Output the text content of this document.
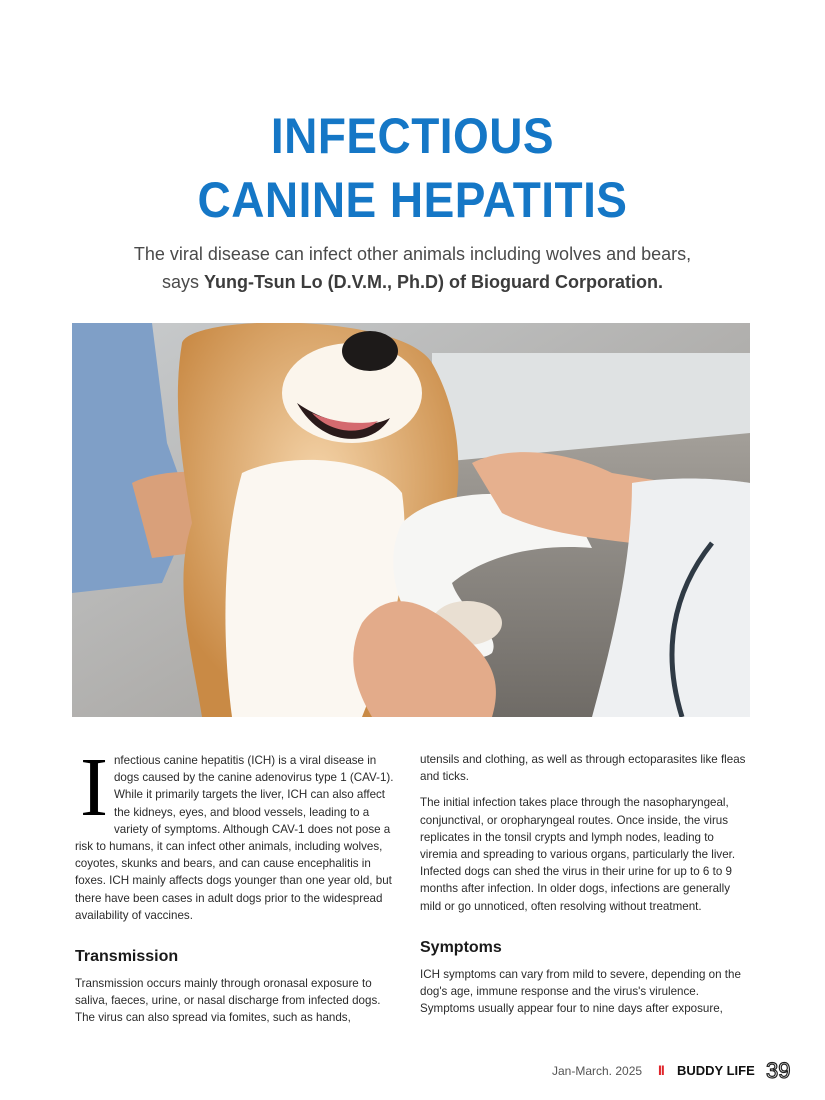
INFECTIOUS
CANINE HEPATITIS
The viral disease can infect other animals including wolves and bears,
says Yung-Tsun Lo (D.V.M., Ph.D) of Bioguard Corporation.

Infectious canine hepatitis (ICH) is a viral disease in dogs caused by the canine adenovirus type 1 (CAV-1). While it primarily targets the liver, ICH can also affect the kidneys, eyes, and blood vessels, leading to a variety of symptoms. Although CAV-1 does not pose a risk to humans, it can infect other animals, including wolves, coyotes, skunks and bears, and can cause encephalitis in foxes. ICH mainly affects dogs younger than one year old, but there have been cases in adult dogs prior to the widespread availability of vaccines.

Transmission

Transmission occurs mainly through oronasal exposure to saliva, faeces, urine, or nasal discharge from infected dogs. The virus can also spread via fomites, such as hands,

utensils and clothing, as well as through ectoparasites like fleas and ticks.

The initial infection takes place through the nasopharyngeal, conjunctival, or oropharyngeal routes. Once inside, the virus replicates in the tonsil crypts and lymph nodes, leading to viremia and spreading to various organs, particularly the liver. Infected dogs can shed the virus in their urine for up to 6 to 9 months after infection. In older dogs, infections are generally mild or go unnoticed, often resolving without treatment.

Symptoms

ICH symptoms can vary from mild to severe, depending on the dog's age, immune response and the virus's virulence. Symptoms usually appear four to nine days after exposure,

Jan-March. 2025 II BUDDY LIFE 39
